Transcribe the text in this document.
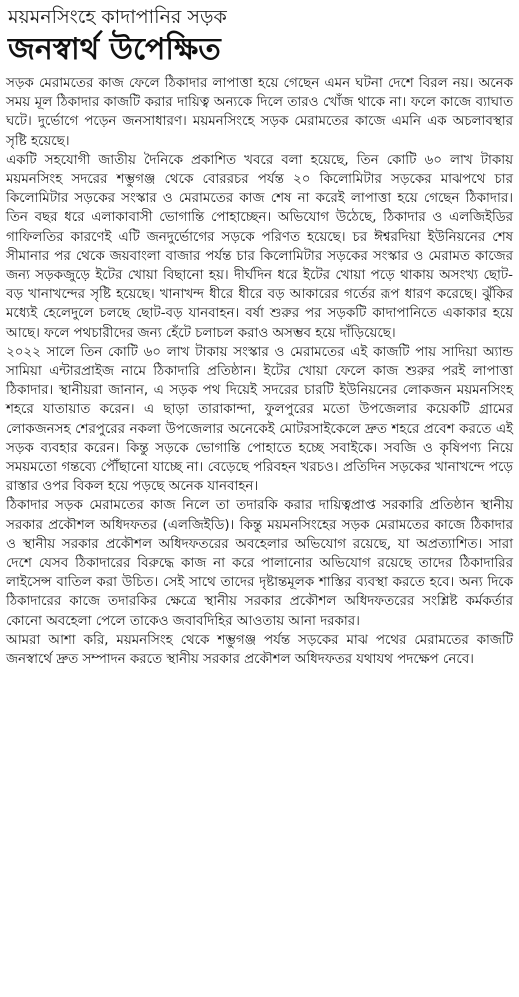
ময়মনসিংহে কাদাপানির সড়ক
জনস্বার্থ উপেক্ষিত

সড়ক মেরামতের কাজ ফেলে ঠিকাদার লাপাত্তা হয়ে গেছেন এমন ঘটনা দেশে বিরল নয়। অনেক সময় মূল ঠিকাদার কাজটি করার দায়িত্ব অন্যকে দিলে তারও খোঁজ থাকে না। ফলে কাজে ব্যাঘাত ঘটে। দুর্ভোগে পড়েন জনসাধারণ। ময়মনসিংহে সড়ক মেরামতের কাজে এমনি এক অচলাবস্থার সৃষ্টি হয়েছে।

একটি সহযোগী জাতীয় দৈনিকে প্রকাশিত খবরে বলা হয়েছে, তিন কোটি ৬০ লাখ টাকায় ময়মনসিংহ সদরের শম্ভুগঞ্জ থেকে বোররচর পর্যন্ত ২০ কিলোমিটার সড়কের মাঝপথে চার কিলোমিটার সড়কের সংস্কার ও মেরামতের কাজ শেষ না করেই লাপাত্তা হয়ে গেছেন ঠিকাদার। তিন বছর ধরে এলাকাবাসী ভোগান্তি পোহাচ্ছেন। অভিযোগ উঠেছে, ঠিকাদার ও এলজিইডির গাফিলতির কারণেই এটি জনদুর্ভোগের সড়কে পরিণত হয়েছে। চর ঈশ্বরদিয়া ইউনিয়নের শেষ সীমানার পর থেকে জয়বাংলা বাজার পর্যন্ত চার কিলোমিটার সড়কের সংস্কার ও মেরামত কাজের জন্য সড়কজুড়ে ইটের খোয়া বিছানো হয়। দীর্ঘদিন ধরে ইটের খোয়া পড়ে থাকায় অসংখ্য ছোট-বড় খানাখন্দের সৃষ্টি হয়েছে। খানাখন্দ ধীরে ধীরে বড় আকারের গর্তের রূপ ধারণ করেছে। ঝুঁকির মধ্যেই হেলেদুলে চলছে ছোট-বড় যানবাহন। বর্ষা শুরুর পর সড়কটি কাদাপানিতে একাকার হয়ে আছে। ফলে পথচারীদের জন্য হেঁটে চলাচল করাও অসম্ভব হয়ে দাঁড়িয়েছে।

২০২২ সালে তিন কোটি ৬০ লাখ টাকায় সংস্কার ও মেরামতের এই কাজটি পায় সাদিয়া অ্যান্ড সামিয়া এন্টারপ্রাইজ নামে ঠিকাদারি প্রতিষ্ঠান। ইটের খোয়া ফেলে কাজ শুরুর পরই লাপাত্তা ঠিকাদার। স্থানীয়রা জানান, এ সড়ক পথ দিয়েই সদরের চারটি ইউনিয়নের লোকজন ময়মনসিংহ শহরে যাতায়াত করেন। এ ছাড়া তারাকান্দা, ফুলপুরের মতো উপজেলার কয়েকটি গ্রামের লোকজনসহ শেরপুরের নকলা উপজেলার অনেকেই মোটরসাইকেলে দ্রুত শহরে প্রবেশ করতে এই সড়ক ব্যবহার করেন। কিন্তু সড়কে ভোগান্তি পোহাতে হচ্ছে সবাইকে। সবজি ও কৃষিপণ্য নিয়ে সময়মতো গন্তব্যে পৌঁছানো যাচ্ছে না। বেড়েছে পরিবহন খরচও। প্রতিদিন সড়কের খানাখন্দে পড়ে রাস্তার ওপর বিকল হয়ে পড়ছে অনেক যানবাহন।

ঠিকাদার সড়ক মেরামতের কাজ নিলে তা তদারকি করার দায়িত্বপ্রাপ্ত সরকারি প্রতিষ্ঠান স্থানীয় সরকার প্রকৌশল অধিদফতর (এলজিইডি)। কিন্তু ময়মনসিংহের সড়ক মেরামতের কাজে ঠিকাদার ও স্থানীয় সরকার প্রকৌশল অধিদফতরের অবহেলার অভিযোগ রয়েছে, যা অপ্রত্যাশিত। সারা দেশে যেসব ঠিকাদারের বিরুদ্ধে কাজ না করে পালানোর অভিযোগ রয়েছে তাদের ঠিকাদারির লাইসেন্স বাতিল করা উচিত। সেই সাথে তাদের দৃষ্টান্তমূলক শাস্তির ব্যবস্থা করতে হবে। অন্য দিকে ঠিকাদারের কাজে তদারকির ক্ষেত্রে স্থানীয় সরকার প্রকৌশল অধিদফতরের সংশ্লিষ্ট কর্মকর্তার কোনো অবহেলা পেলে তাকেও জবাবদিহির আওতায় আনা দরকার।

আমরা আশা করি, ময়মনসিংহ থেকে শম্ভুগঞ্জ পর্যন্ত সড়কের মাঝ পথের মেরামতের কাজটি জনস্বার্থে দ্রুত সম্পাদন করতে স্থানীয় সরকার প্রকৌশল অধিদফতর যথাযথ পদক্ষেপ নেবে।
